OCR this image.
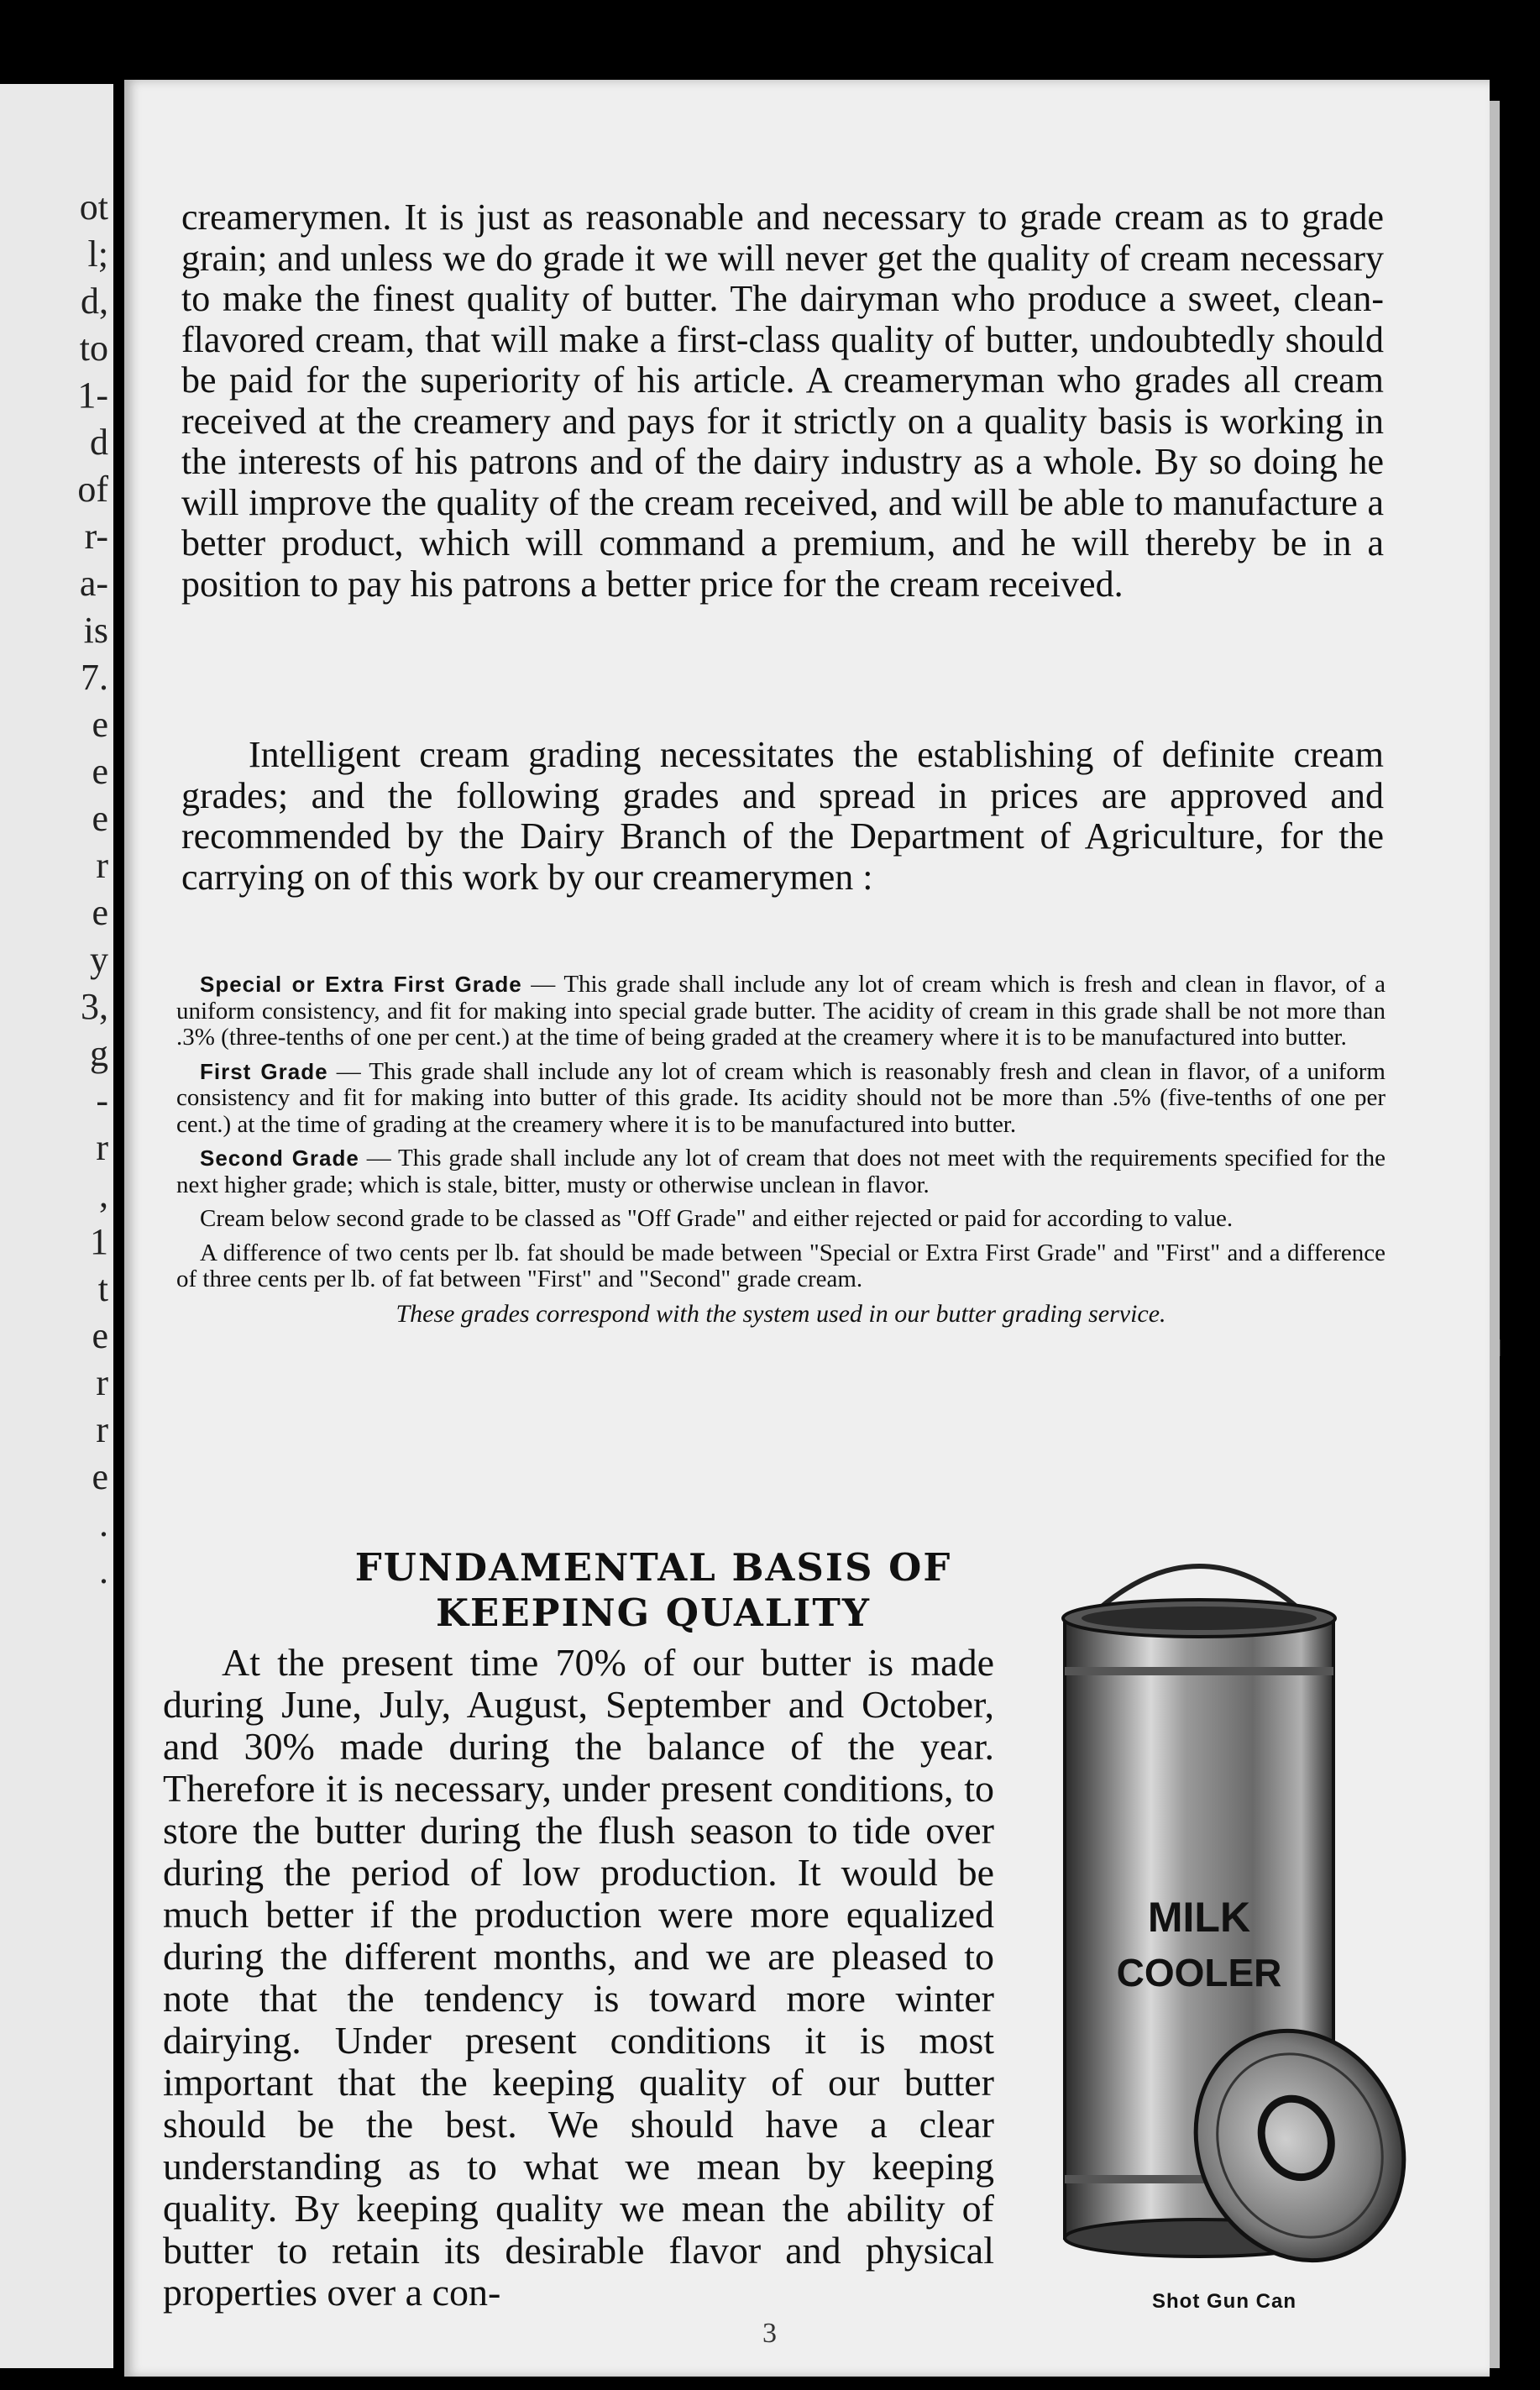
ot
l;
d,
to
1-
d
of
r-
a-
is
7.
e
e
e
r
e
y
3,
g
-
r
,
1
t
e
r
r
e
.
.

creamerymen. It is just as reasonable and necessary to grade cream as to grade grain; and unless we do grade it we will never get the quality of cream necessary to make the finest quality of butter. The dairyman who produce a sweet, clean-flavored cream, that will make a first-class quality of butter, undoubtedly should be paid for the superiority of his article. A creameryman who grades all cream received at the creamery and pays for it strictly on a quality basis is working in the interests of his patrons and of the dairy industry as a whole. By so doing he will improve the quality of the cream received, and will be able to manufacture a better product, which will command a premium, and he will thereby be in a position to pay his patrons a better price for the cream received.

Intelligent cream grading necessitates the establishing of definite cream grades; and the following grades and spread in prices are approved and recommended by the Dairy Branch of the Department of Agriculture, for the carrying on of this work by our creamerymen :

Special or Extra First Grade — This grade shall include any lot of cream which is fresh and clean in flavor, of a uniform consistency, and fit for making into special grade butter. The acidity of cream in this grade shall be not more than .3% (three-tenths of one per cent.) at the time of being graded at the creamery where it is to be manufactured into butter.

First Grade — This grade shall include any lot of cream which is reasonably fresh and clean in flavor, of a uniform consistency and fit for making into butter of this grade. Its acidity should not be more than .5% (five-tenths of one per cent.) at the time of grading at the creamery where it is to be manufactured into butter.

Second Grade — This grade shall include any lot of cream that does not meet with the requirements specified for the next higher grade; which is stale, bitter, musty or otherwise unclean in flavor.

Cream below second grade to be classed as "Off Grade" and either rejected or paid for according to value.

A difference of two cents per lb. fat should be made between "Special or Extra First Grade" and "First" and a difference of three cents per lb. of fat between "First" and "Second" grade cream.

These grades correspond with the system used in our butter grading service.

FUNDAMENTAL BASIS OF
KEEPING QUALITY

At the present time 70% of our butter is made during June, July, August, September and October, and 30% made during the balance of the year. Therefore it is necessary, under present conditions, to store the butter during the flush season to tide over during the period of low production. It would be much better if the production were more equalized during the different months, and we are pleased to note that the tendency is toward more winter dairying. Under present conditions it is most important that the keeping quality of our butter should be the best. We should have a clear understanding as to what we mean by keeping quality. By keeping quality we mean the ability of butter to retain its desirable flavor and physical properties over a con-

MILK
COOLER
Shot Gun Can
3
